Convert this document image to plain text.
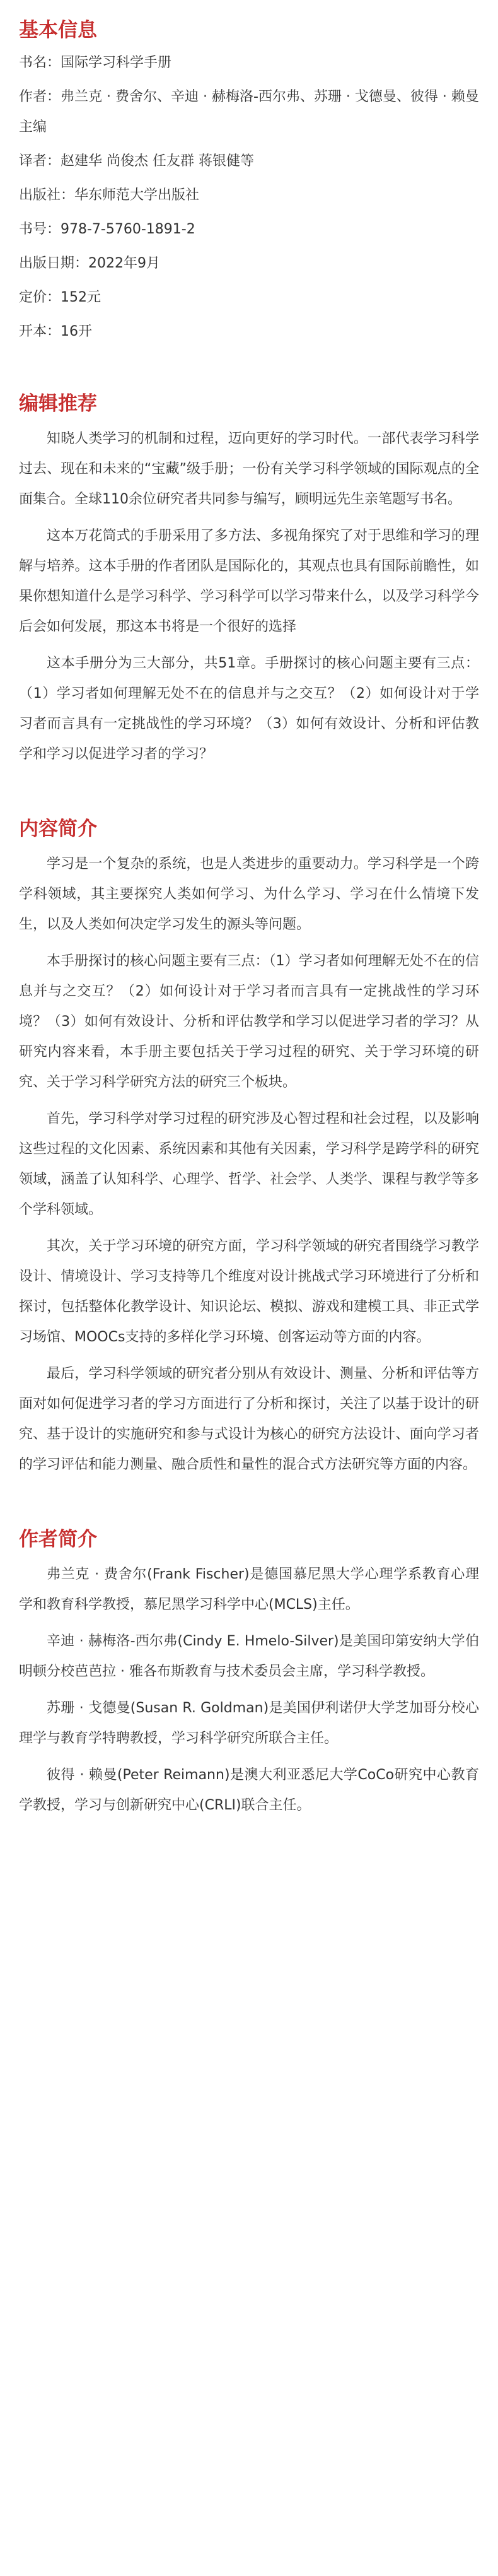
基本信息
书名：国际学习科学手册
作者：弗兰克 · 费舍尔、辛迪 · 赫梅洛-西尔弗、苏珊 · 戈德曼、彼得 · 赖曼 主编
译者：赵建华 尚俊杰 任友群 蒋银健等
出版社：华东师范大学出版社
书号：978-7-5760-1891-2
出版日期：2022年9月
定价：152元
开本：16开
编辑推荐

知晓人类学习的机制和过程，迈向更好的学习时代。一部代表学习科学过去、现在和未来的“宝藏”级手册；一份有关学习科学领域的国际观点的全面集合。全球110余位研究者共同参与编写，顾明远先生亲笔题写书名。

这本万花筒式的手册采用了多方法、多视角探究了对于思维和学习的理解与培养。这本手册的作者团队是国际化的，其观点也具有国际前瞻性，如果你想知道什么是学习科学、学习科学可以学习带来什么，以及学习科学今后会如何发展，那这本书将是一个很好的选择

这本手册分为三大部分，共51章。手册探讨的核心问题主要有三点：（1）学习者如何理解无处不在的信息并与之交互？（2）如何设计对于学习者而言具有一定挑战性的学习环境？（3）如何有效设计、分析和评估教学和学习以促进学习者的学习？

内容简介

学习是一个复杂的系统，也是人类进步的重要动力。学习科学是一个跨学科领域，其主要探究人类如何学习、为什么学习、学习在什么情境下发生，以及人类如何决定学习发生的源头等问题。

本手册探讨的核心问题主要有三点：（1）学习者如何理解无处不在的信息并与之交互？（2）如何设计对于学习者而言具有一定挑战性的学习环境？（3）如何有效设计、分析和评估教学和学习以促进学习者的学习？从研究内容来看，本手册主要包括关于学习过程的研究、关于学习环境的研究、关于学习科学研究方法的研究三个板块。

首先，学习科学对学习过程的研究涉及心智过程和社会过程，以及影响这些过程的文化因素、系统因素和其他有关因素，学习科学是跨学科的研究领域，涵盖了认知科学、心理学、哲学、社会学、人类学、课程与教学等多个学科领域。

其次，关于学习环境的研究方面，学习科学领域的研究者围绕学习教学设计、情境设计、学习支持等几个维度对设计挑战式学习环境进行了分析和探讨，包括整体化教学设计、知识论坛、模拟、游戏和建模工具、非正式学习场馆、MOOCs支持的多样化学习环境、创客运动等方面的内容。

最后，学习科学领域的研究者分别从有效设计、测量、分析和评估等方面对如何促进学习者的学习方面进行了分析和探讨，关注了以基于设计的研究、基于设计的实施研究和参与式设计为核心的研究方法设计、面向学习者的学习评估和能力测量、融合质性和量性的混合式方法研究等方面的内容。

作者简介

弗兰克 · 费舍尔(Frank Fischer)是德国慕尼黑大学心理学系教育心理学和教育科学教授，慕尼黑学习科学中心(MCLS)主任。

辛迪 · 赫梅洛-西尔弗(Cindy E. Hmelo-Silver)是美国印第安纳大学伯明顿分校芭芭拉 · 雅各布斯教育与技术委员会主席，学习科学教授。

苏珊 · 戈德曼(Susan R. Goldman)是美国伊利诺伊大学芝加哥分校心理学与教育学特聘教授，学习科学研究所联合主任。

彼得 · 赖曼(Peter Reimann)是澳大利亚悉尼大学CoCo研究中心教育学教授，学习与创新研究中心(CRLI)联合主任。
